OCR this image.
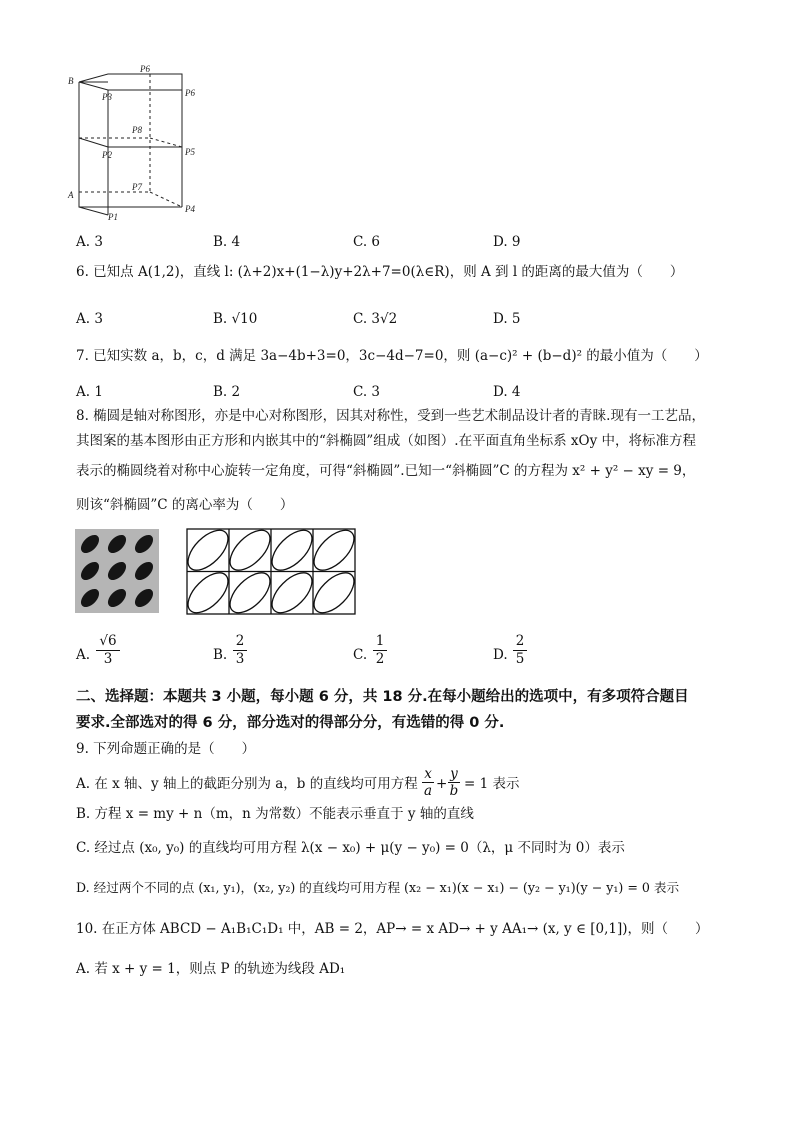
B
A
P6
P3	P6
P8
P2	P5
P7
P1
P4
A. 3	B. 4	C. 6	D. 9
6. 已知点 A(1,2)，直线 l: (λ+2)x+(1−λ)y+2λ+7=0(λ∈R)，则 A 到 l 的距离的最大值为（　　）
A. 3	B. √10	C. 3√2	D. 5
7. 已知实数 a，b，c，d 满足 3a−4b+3=0，3c−4d−7=0，则 (a−c)² + (b−d)² 的最小值为（　　）
A. 1	B. 2	C. 3	D. 4
8. 椭圆是轴对称图形，亦是中心对称图形，因其对称性，受到一些艺术制品设计者的青睐.现有一工艺品，
其图案的基本图形由正方形和内嵌其中的“斜椭圆”组成（如图）.在平面直角坐标系 xOy 中，将标准方程
表示的椭圆绕着对称中心旋转一定角度，可得“斜椭圆”.已知一“斜椭圆”C 的方程为 x² + y² − xy = 9，
则该“斜椭圆”C 的离心率为（　　）
A. $\frac{√6}{3}$	B. $\frac{2}{3}$	C. $\frac{1}{2}$	D. $\frac{2}{5}$
二、选择题：本题共 3 小题，每小题 6 分，共 18 分.在每小题给出的选项中，有多项符合题目
要求.全部选对的得 6 分，部分选对的得部分分，有选错的得 0 分.
9. 下列命题正确的是（　　）
A. 在 x 轴、y 轴上的截距分别为 a，b 的直线均可用方程 $\frac{x}{a} + \frac{y}{b} = 1$ 表示
B. 方程 x = my + n（m，n 为常数）不能表示垂直于 y 轴的直线
C. 经过点 (x₀, y₀) 的直线均可用方程 λ(x − x₀) + μ(y − y₀) = 0（λ，μ 不同时为 0）表示
D. 经过两个不同的点 (x₁, y₁)，(x₂, y₂) 的直线均可用方程 (x₂ − x₁)(x − x₁) − (y₂ − y₁)(y − y₁) = 0 表示
10. 在正方体 ABCD − A₁B₁C₁D₁ 中，AB = 2，AP→ = x AD→ + y AA₁→ (x, y ∈ [0,1])，则（　　）
A. 若 x + y = 1，则点 P 的轨迹为线段 AD₁
